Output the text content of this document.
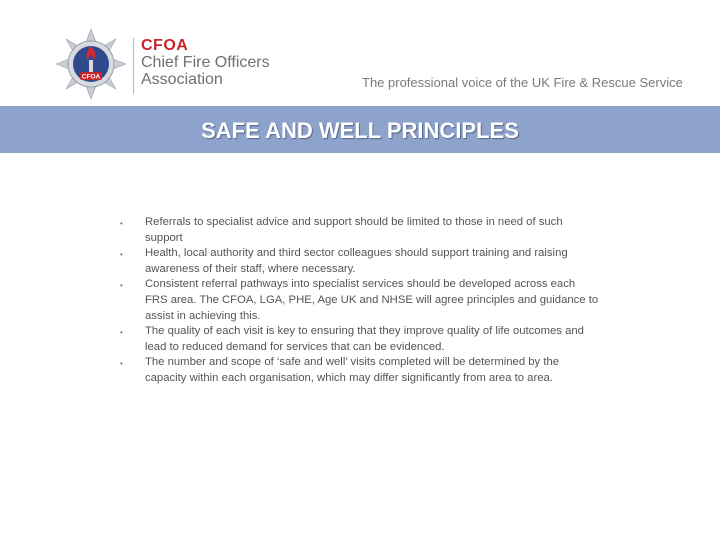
CFOA
CFOA
Chief Fire Officers
Association	The professional voice of the UK Fire & Rescue Service
SAFE AND WELL PRINCIPLES
•	Referrals to specialist advice and support should be limited to those in need of such support
•	Health, local authority and third sector colleagues should support training and raising awareness of their staff, where necessary.
•	Consistent referral pathways into specialist services should be developed across each FRS area. The CFOA, LGA, PHE, Age UK and NHSE will agree principles and guidance to assist in achieving this.
•	The quality of each visit is key to ensuring that they improve quality of life outcomes and lead to reduced demand for services that can be evidenced.
•	The number and scope of ‘safe and well’ visits completed will be determined by the capacity within each organisation, which may differ significantly from area to area.
